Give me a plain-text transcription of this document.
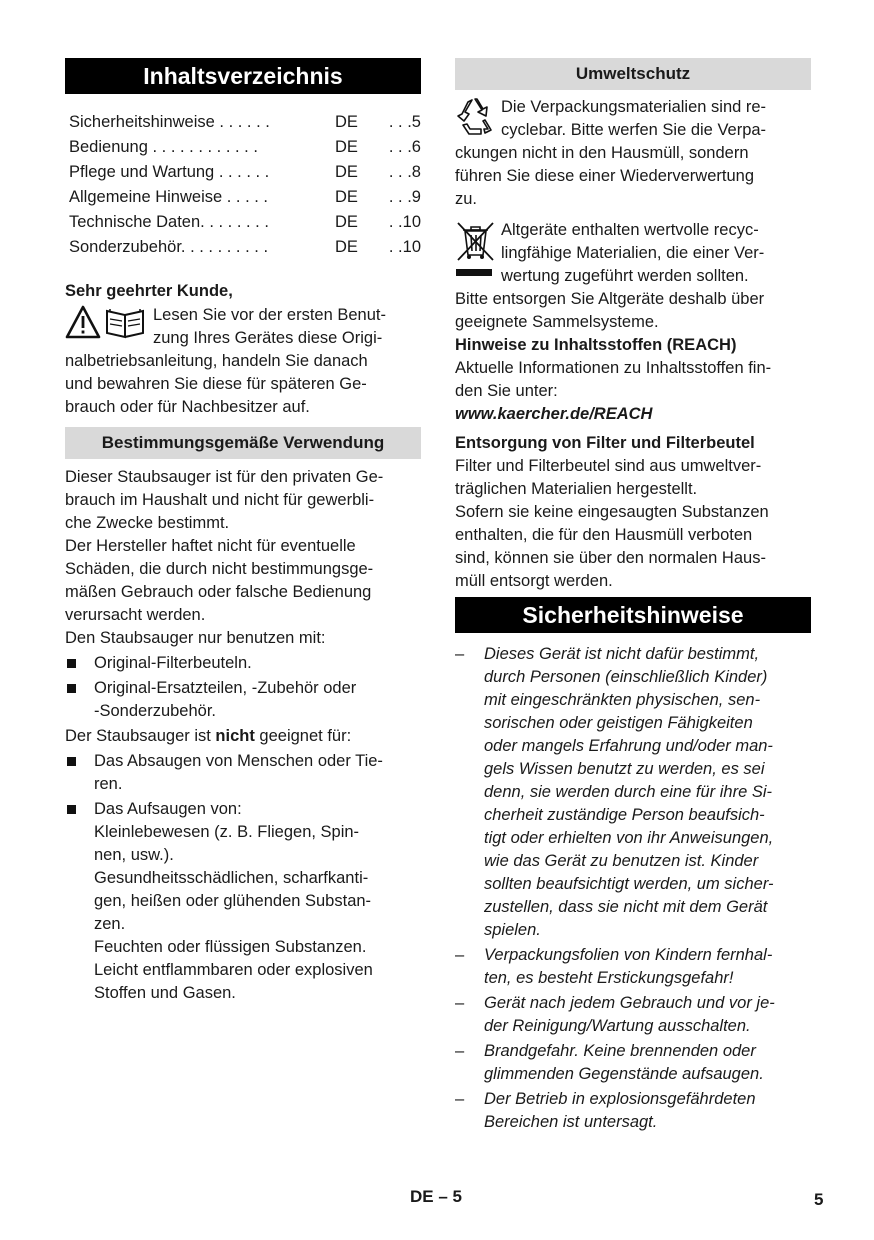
Inhaltsverzeichnis
Sicherheitshinweise . . . . . .	DE	. . .5
Bedienung . . . . . . . . . . . .	DE	. . .6
Pflege und Wartung . . . . . .	DE	. . .8
Allgemeine Hinweise . . . . .	DE	. . .9
Technische Daten. . . . . . . .	DE	. .10
Sonderzubehör. . . . . . . . . .	DE	. .10

Sehr geehrter Kunde,

Lesen Sie vor der ersten Benut-

zung Ihres Gerätes diese Origi-

nalbetriebsanleitung, handeln Sie danach

und bewahren Sie diese für späteren Ge-

brauch oder für Nachbesitzer auf.

Bestimmungsgemäße Verwendung

Dieser Staubsauger ist für den privaten Ge-

brauch im Haushalt und nicht für gewerbli-

che Zwecke bestimmt.

Der Hersteller haftet nicht für eventuelle

Schäden, die durch nicht bestimmungsge-

mäßen Gebrauch oder falsche Bedienung

verursacht werden.

Den Staubsauger nur benutzen mit:

Original-Filterbeuteln.
Original-Ersatzteilen, -Zubehör oder
-Sonderzubehör.

Der Staubsauger ist nicht geeignet für:

Das Absaugen von Menschen oder Tie-
ren.
Das Aufsaugen von:

Kleinlebewesen (z. B. Fliegen, Spin-

nen, usw.).

Gesundheitsschädlichen, scharfkanti-

gen, heißen oder glühenden Substan-

zen.

Feuchten oder flüssigen Substanzen.

Leicht entflammbaren oder explosiven

Stoffen und Gasen.

Umweltschutz

Die Verpackungsmaterialien sind re-

cyclebar. Bitte werfen Sie die Verpa-

ckungen nicht in den Hausmüll, sondern

führen Sie diese einer Wiederverwertung

zu.

Altgeräte enthalten wertvolle recyc-

lingfähige Materialien, die einer Ver-

wertung zugeführt werden sollten.

Bitte entsorgen Sie Altgeräte deshalb über

geeignete Sammelsysteme.

Hinweise zu Inhaltsstoffen (REACH)

Aktuelle Informationen zu Inhaltsstoffen fin-

den Sie unter:

www.kaercher.de/REACH

Entsorgung von Filter und Filterbeutel

Filter und Filterbeutel sind aus umweltver-

träglichen Materialien hergestellt.

Sofern sie keine eingesaugten Substanzen

enthalten, die für den Hausmüll verboten

sind, können sie über den normalen Haus-

müll entsorgt werden.

Sicherheitshinweise
–	Dieses Gerät ist nicht dafür bestimmt,
durch Personen (einschließlich Kinder)
mit eingeschränkten physischen, sen-
sorischen oder geistigen Fähigkeiten
oder mangels Erfahrung und/oder man-
gels Wissen benutzt zu werden, es sei
denn, sie werden durch eine für ihre Si-
cherheit zuständige Person beaufsich-
tigt oder erhielten von ihr Anweisungen,
wie das Gerät zu benutzen ist. Kinder
sollten beaufsichtigt werden, um sicher-
zustellen, dass sie nicht mit dem Gerät
spielen.
–	Verpackungsfolien von Kindern fernhal-
ten, es besteht Erstickungsgefahr!
–	Gerät nach jedem Gebrauch und vor je-
der Reinigung/Wartung ausschalten.
–	Brandgefahr. Keine brennenden oder
glimmenden Gegenstände aufsaugen.
–	Der Betrieb in explosionsgefährdeten
Bereichen ist untersagt.
DE – 5	5
